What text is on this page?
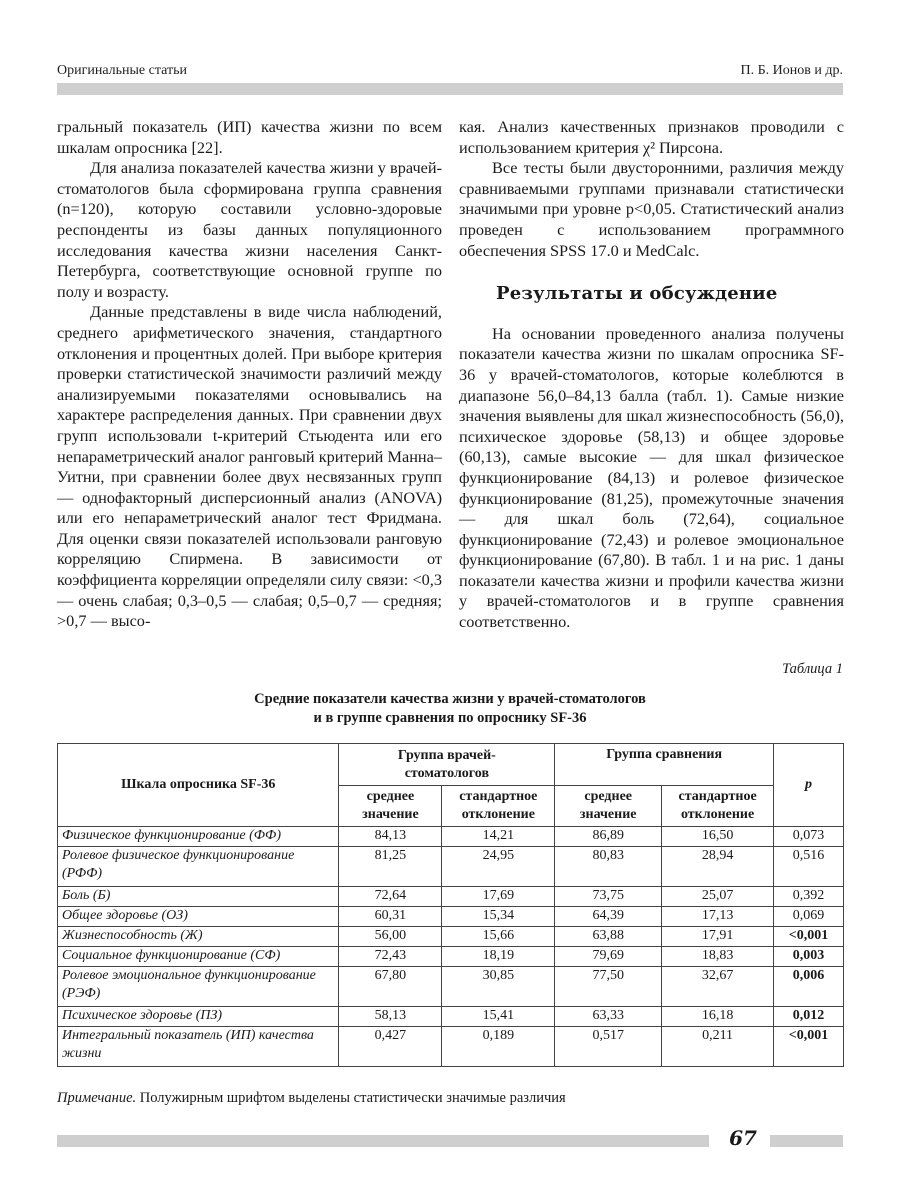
Оригинальные статьи	П. Б. Ионов и др.

гральный показатель (ИП) качества жизни по всем шкалам опросника [22].

Для анализа показателей качества жизни у врачей-стоматологов была сформирована группа сравнения (n=120), которую составили условно-здоровые респонденты из базы данных популяционного исследования качества жизни населения Санкт-Петербурга, соответствующие основной группе по полу и возрасту.

Данные представлены в виде числа наблюдений, среднего арифметического значения, стандартного отклонения и процентных долей. При выборе критерия проверки статистической значимости различий между анализируемыми показателями основывались на характере распределения данных. При сравнении двух групп использовали t-критерий Стьюдента или его непараметрический аналог ранговый критерий Манна–Уитни, при сравнении более двух несвязанных групп — однофакторный дисперсионный анализ (ANOVA) или его непараметрический аналог тест Фридмана. Для оценки связи показателей использовали ранговую корреляцию Спирмена. В зависимости от коэффициента корреляции определяли силу связи: <0,3 — очень слабая; 0,3–0,5 — слабая; 0,5–0,7 — средняя; >0,7 — высо-

кая. Анализ качественных признаков проводили с использованием критерия χ² Пирсона.

Все тесты были двусторонними, различия между сравниваемыми группами признавали статистически значимыми при уровне p<0,05. Статистический анализ проведен с использованием программного обеспечения SPSS 17.0 и MedCalc.

Результаты и обсуждение

На основании проведенного анализа получены показатели качества жизни по шкалам опросника SF-36 у врачей-стоматологов, которые колеблются в диапазоне 56,0–84,13 балла (табл. 1). Самые низкие значения выявлены для шкал жизнеспособность (56,0), психическое здоровье (58,13) и общее здоровье (60,13), самые высокие — для шкал физическое функционирование (84,13) и ролевое физическое функционирование (81,25), промежуточные значения — для шкал боль (72,64), социальное функционирование (72,43) и ролевое эмоциональное функционирование (67,80). В табл. 1 и на рис. 1 даны показатели качества жизни и профили качества жизни у врачей-стоматологов и в группе сравнения соответственно.

Таблица 1
Средние показатели качества жизни у врачей-стоматологов
и в группе сравнения по опроснику SF-36
Шкала опросника SF-36	Группа врачей-стоматологов		Группа сравнения		p
	среднее значение	стандартное отклонение	среднее значение	стандартное отклонение	
Физическое функционирование (ФФ)	84,13	14,21	86,89	16,50	0,073
Ролевое физическое функционирование (РФФ)	81,25	24,95	80,83	28,94	0,516
Боль (Б)	72,64	17,69	73,75	25,07	0,392
Общее здоровье (ОЗ)	60,31	15,34	64,39	17,13	0,069
Жизнеспособность (Ж)	56,00	15,66	63,88	17,91	<0,001
Социальное функционирование (СФ)	72,43	18,19	79,69	18,83	0,003
Ролевое эмоциональное функционирование (РЭФ)	67,80	30,85	77,50	32,67	0,006
Психическое здоровье (ПЗ)	58,13	15,41	63,33	16,18	0,012
Интегральный показатель (ИП) качества жизни	0,427	0,189	0,517	0,211	<0,001
Примечание. Полужирным шрифтом выделены статистически значимые различия
67
